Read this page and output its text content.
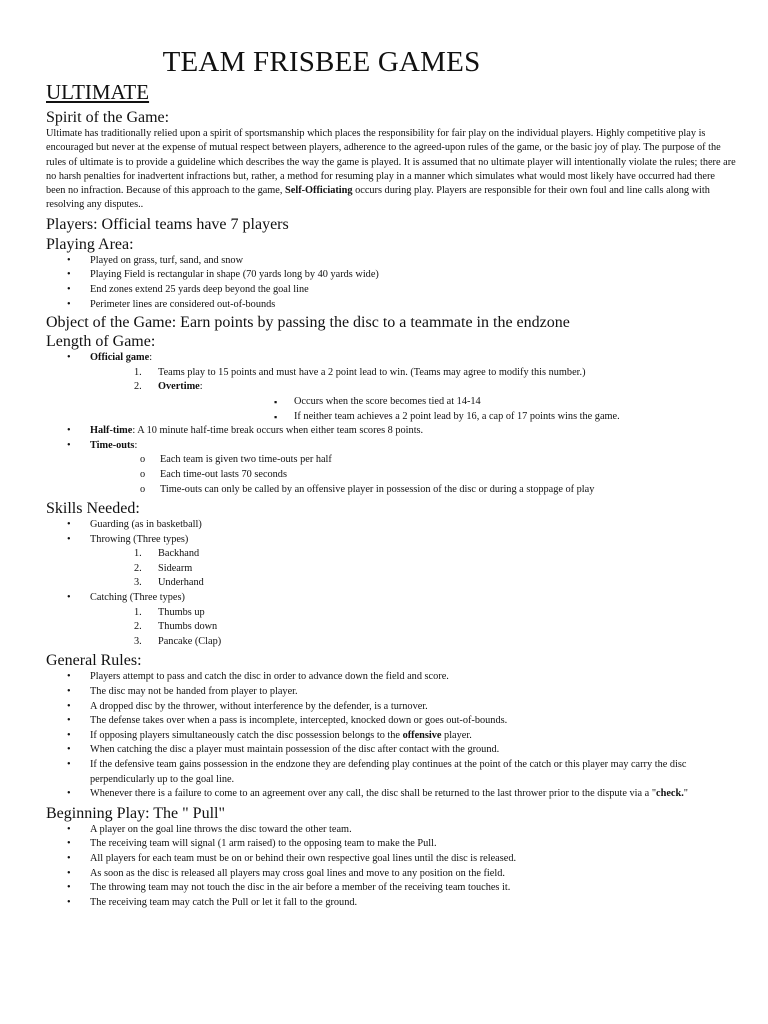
TEAM FRISBEE GAMES
ULTIMATE
Spirit of the Game:

Ultimate has traditionally relied upon a spirit of sportsmanship which places the responsibility for fair play on the individual players. Highly competitive play is encouraged but never at the expense of mutual respect between players, adherence to the agreed-upon rules of the game, or the basic joy of play. The purpose of the rules of ultimate is to provide a guideline which describes the way the game is played. It is assumed that no ultimate player will intentionally violate the rules; there are no harsh penalties for inadvertent infractions but, rather, a method for resuming play in a manner which simulates what would most likely have occurred had there been no infraction. Because of this approach to the game, Self-Officiating occurs during play. Players are responsible for their own foul and line calls along with resolving any disputes..

Players: Official teams have 7 players
Playing Area:
• Played on grass, turf, sand, and snow
• Playing Field is rectangular in shape (70 yards long by 40 yards wide)
• End zones extend 25 yards deep beyond the goal line
• Perimeter lines are considered out-of-bounds
Object of the Game: Earn points by passing the disc to a teammate in the endzone
Length of Game:
• Official game:
1. Teams play to 15 points and must have a 2 point lead to win. (Teams may agree to modify this number.)
2. Overtime:
▪ Occurs when the score becomes tied at 14-14
▪ If neither team achieves a 2 point lead by 16, a cap of 17 points wins the game.
• Half-time: A 10 minute half-time break occurs when either team scores 8 points.
• Time-outs:
o Each team is given two time-outs per half
o Each time-out lasts 70 seconds
o Time-outs can only be called by an offensive player in possession of the disc or during a stoppage of play
Skills Needed:
• Guarding (as in basketball)
• Throwing (Three types)
1. Backhand
2. Sidearm
3. Underhand
• Catching (Three types)
1. Thumbs up
2. Thumbs down
3. Pancake (Clap)
General Rules:
• Players attempt to pass and catch the disc in order to advance down the field and score.
• The disc may not be handed from player to player.
• A dropped disc by the thrower, without interference by the defender, is a turnover.
• The defense takes over when a pass is incomplete, intercepted, knocked down or goes out-of-bounds.
• If opposing players simultaneously catch the disc possession belongs to the offensive player.
• When catching the disc a player must maintain possession of the disc after contact with the ground.
• If the defensive team gains possession in the endzone they are defending play continues at the point of the catch or this player may carry the disc perpendicularly up to the goal line.
• Whenever there is a failure to come to an agreement over any call, the disc shall be returned to the last thrower prior to the dispute via a "check."
Beginning Play: The " Pull"
• A player on the goal line throws the disc toward the other team.
• The receiving team will signal (1 arm raised) to the opposing team to make the Pull.
• All players for each team must be on or behind their own respective goal lines until the disc is released.
• As soon as the disc is released all players may cross goal lines and move to any position on the field.
• The throwing team may not touch the disc in the air before a member of the receiving team touches it.
• The receiving team may catch the Pull or let it fall to the ground.
